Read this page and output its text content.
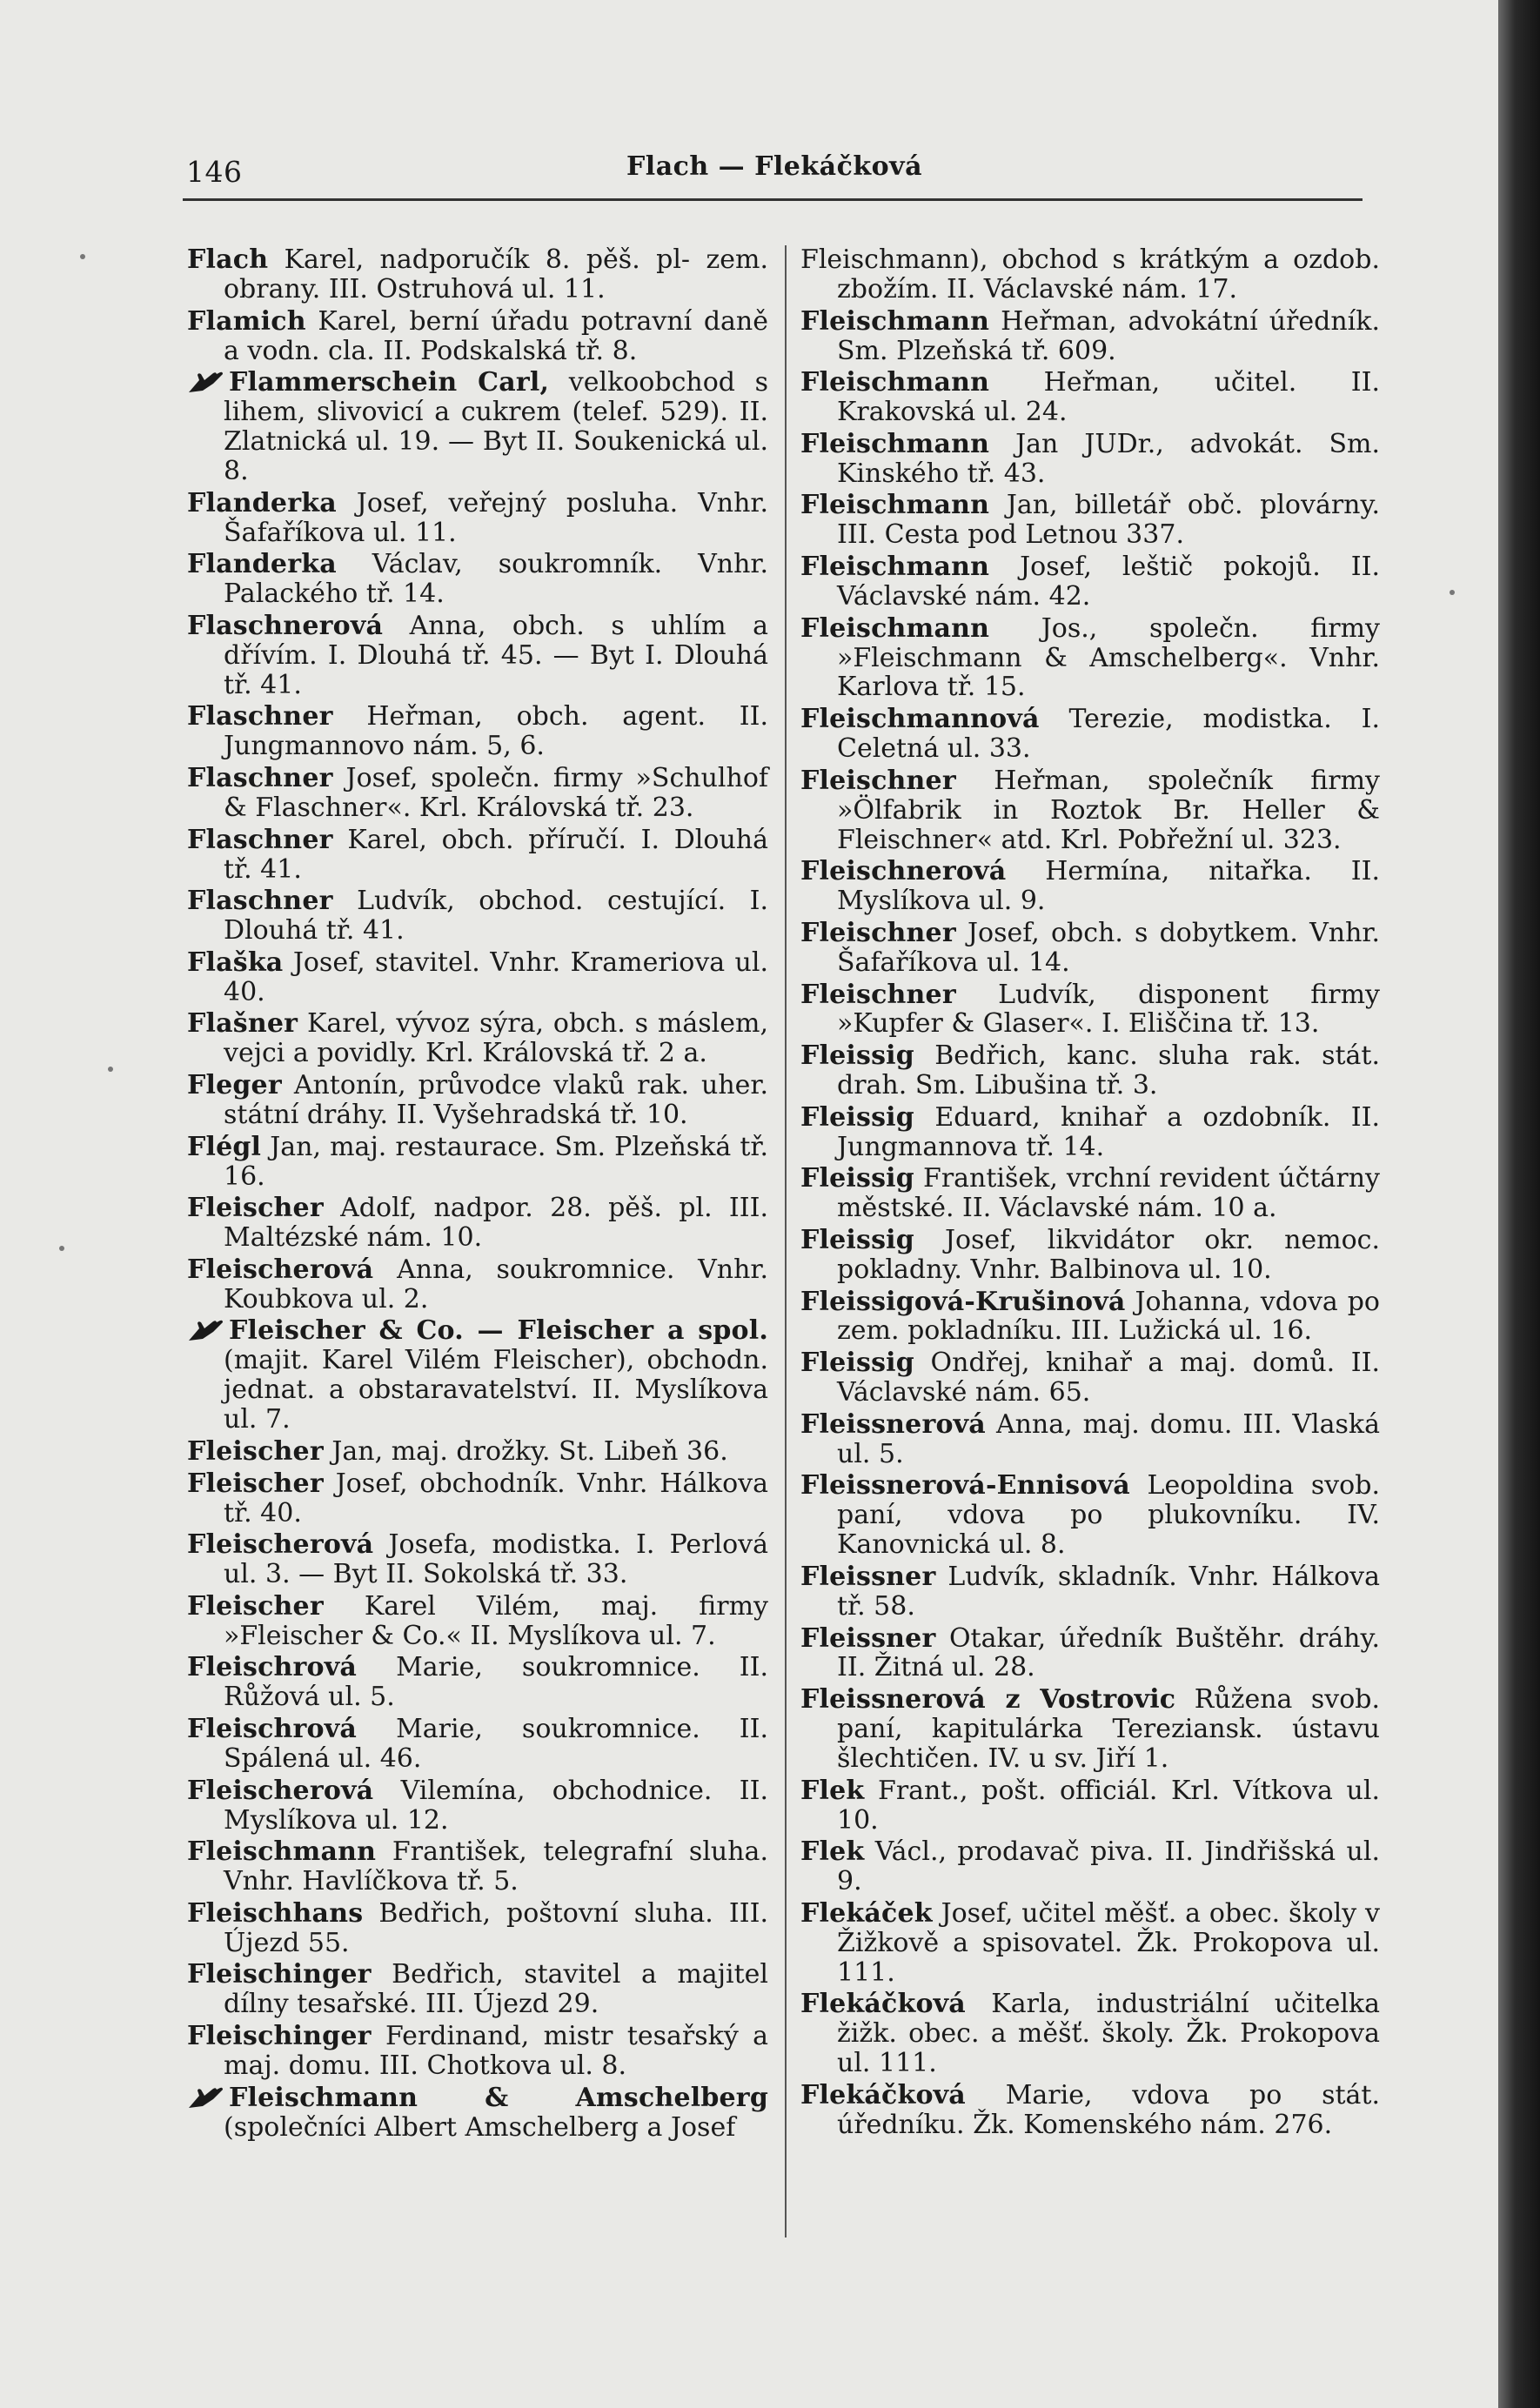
146	Flach — Flekáčková

Flach Karel, nadporučík 8. pěš. pl- zem. obrany. III. Ostruhová ul. 11.

Flamich Karel, berní úřadu potravní daně a vodn. cla. II. Podskalská tř. 8.

Flammerschein Carl, velkoobchod s lihem, slivovicí a cukrem (telef. 529). II. Zlatnická ul. 19. — Byt II. Soukenická ul. 8.

Flanderka Josef, veřejný posluha. Vnhr. Šafaříkova ul. 11.

Flanderka Václav, soukromník. Vnhr. Palackého tř. 14.

Flaschnerová Anna, obch. s uhlím a dřívím. I. Dlouhá tř. 45. — Byt I. Dlouhá tř. 41.

Flaschner Heřman, obch. agent. II. Jungmannovo nám. 5, 6.

Flaschner Josef, společn. firmy »Schulhof & Flaschner«. Krl. Královská tř. 23.

Flaschner Karel, obch. příručí. I. Dlouhá tř. 41.

Flaschner Ludvík, obchod. cestující. I. Dlouhá tř. 41.

Flaška Josef, stavitel. Vnhr. Krameriova ul. 40.

Flašner Karel, vývoz sýra, obch. s máslem, vejci a povidly. Krl. Královská tř. 2 a.

Fleger Antonín, průvodce vlaků rak. uher. státní dráhy. II. Vyšehradská tř. 10.

Flégl Jan, maj. restaurace. Sm. Plzeňská tř. 16.

Fleischer Adolf, nadpor. 28. pěš. pl. III. Maltézské nám. 10.

Fleischerová Anna, soukromnice. Vnhr. Koubkova ul. 2.

Fleischer & Co. — Fleischer a spol. (majit. Karel Vilém Fleischer), obchodn. jednat. a obstaravatelství. II. Myslíkova ul. 7.

Fleischer Jan, maj. drožky. St. Libeň 36.

Fleischer Josef, obchodník. Vnhr. Hálkova tř. 40.

Fleischerová Josefa, modistka. I. Perlová ul. 3. — Byt II. Sokolská tř. 33.

Fleischer Karel Vilém, maj. firmy »Fleischer & Co.« II. Myslíkova ul. 7.

Fleischrová Marie, soukromnice. II. Růžová ul. 5.

Fleischrová Marie, soukromnice. II. Spálená ul. 46.

Fleischerová Vilemína, obchodnice. II. Myslíkova ul. 12.

Fleischmann František, telegrafní sluha. Vnhr. Havlíčkova tř. 5.

Fleischhans Bedřich, poštovní sluha. III. Újezd 55.

Fleischinger Bedřich, stavitel a majitel dílny tesařské. III. Újezd 29.

Fleischinger Ferdinand, mistr tesařský a maj. domu. III. Chotkova ul. 8.

Fleischmann & Amschelberg (společníci Albert Amschelberg a Josef

Fleischmann), obchod s krátkým a ozdob. zbožím. II. Václavské nám. 17.

Fleischmann Heřman, advokátní úředník. Sm. Plzeňská tř. 609.

Fleischmann Heřman, učitel. II. Krakovská ul. 24.

Fleischmann Jan JUDr., advokát. Sm. Kinského tř. 43.

Fleischmann Jan, billetář obč. plovárny. III. Cesta pod Letnou 337.

Fleischmann Josef, leštič pokojů. II. Václavské nám. 42.

Fleischmann Jos., společn. firmy »Fleischmann & Amschelberg«. Vnhr. Karlova tř. 15.

Fleischmannová Terezie, modistka. I. Celetná ul. 33.

Fleischner Heřman, společník firmy »Ölfabrik in Roztok Br. Heller & Fleischner« atd. Krl. Pobřežní ul. 323.

Fleischnerová Hermína, nitařka. II. Myslíkova ul. 9.

Fleischner Josef, obch. s dobytkem. Vnhr. Šafaříkova ul. 14.

Fleischner Ludvík, disponent firmy »Kupfer & Glaser«. I. Eliščina tř. 13.

Fleissig Bedřich, kanc. sluha rak. stát. drah. Sm. Libušina tř. 3.

Fleissig Eduard, knihař a ozdobník. II. Jungmannova tř. 14.

Fleissig František, vrchní revident účtárny městské. II. Václavské nám. 10 a.

Fleissig Josef, likvidátor okr. nemoc. pokladny. Vnhr. Balbinova ul. 10.

Fleissigová-Krušinová Johanna, vdova po zem. pokladníku. III. Lužická ul. 16.

Fleissig Ondřej, knihař a maj. domů. II. Václavské nám. 65.

Fleissnerová Anna, maj. domu. III. Vlaská ul. 5.

Fleissnerová-Ennisová Leopoldina svob. paní, vdova po plukovníku. IV. Kanovnická ul. 8.

Fleissner Ludvík, skladník. Vnhr. Hálkova tř. 58.

Fleissner Otakar, úředník Buštěhr. dráhy. II. Žitná ul. 28.

Fleissnerová z Vostrovic Růžena svob. paní, kapitulárka Tereziansk. ústavu šlechtičen. IV. u sv. Jiří 1.

Flek Frant., pošt. officiál. Krl. Vítkova ul. 10.

Flek Václ., prodavač piva. II. Jindřišská ul. 9.

Flekáček Josef, učitel měšť. a obec. školy v Žižkově a spisovatel. Žk. Prokopova ul. 111.

Flekáčková Karla, industriální učitelka žižk. obec. a měšť. školy. Žk. Prokopova ul. 111.

Flekáčková Marie, vdova po stát. úředníku. Žk. Komenského nám. 276.
